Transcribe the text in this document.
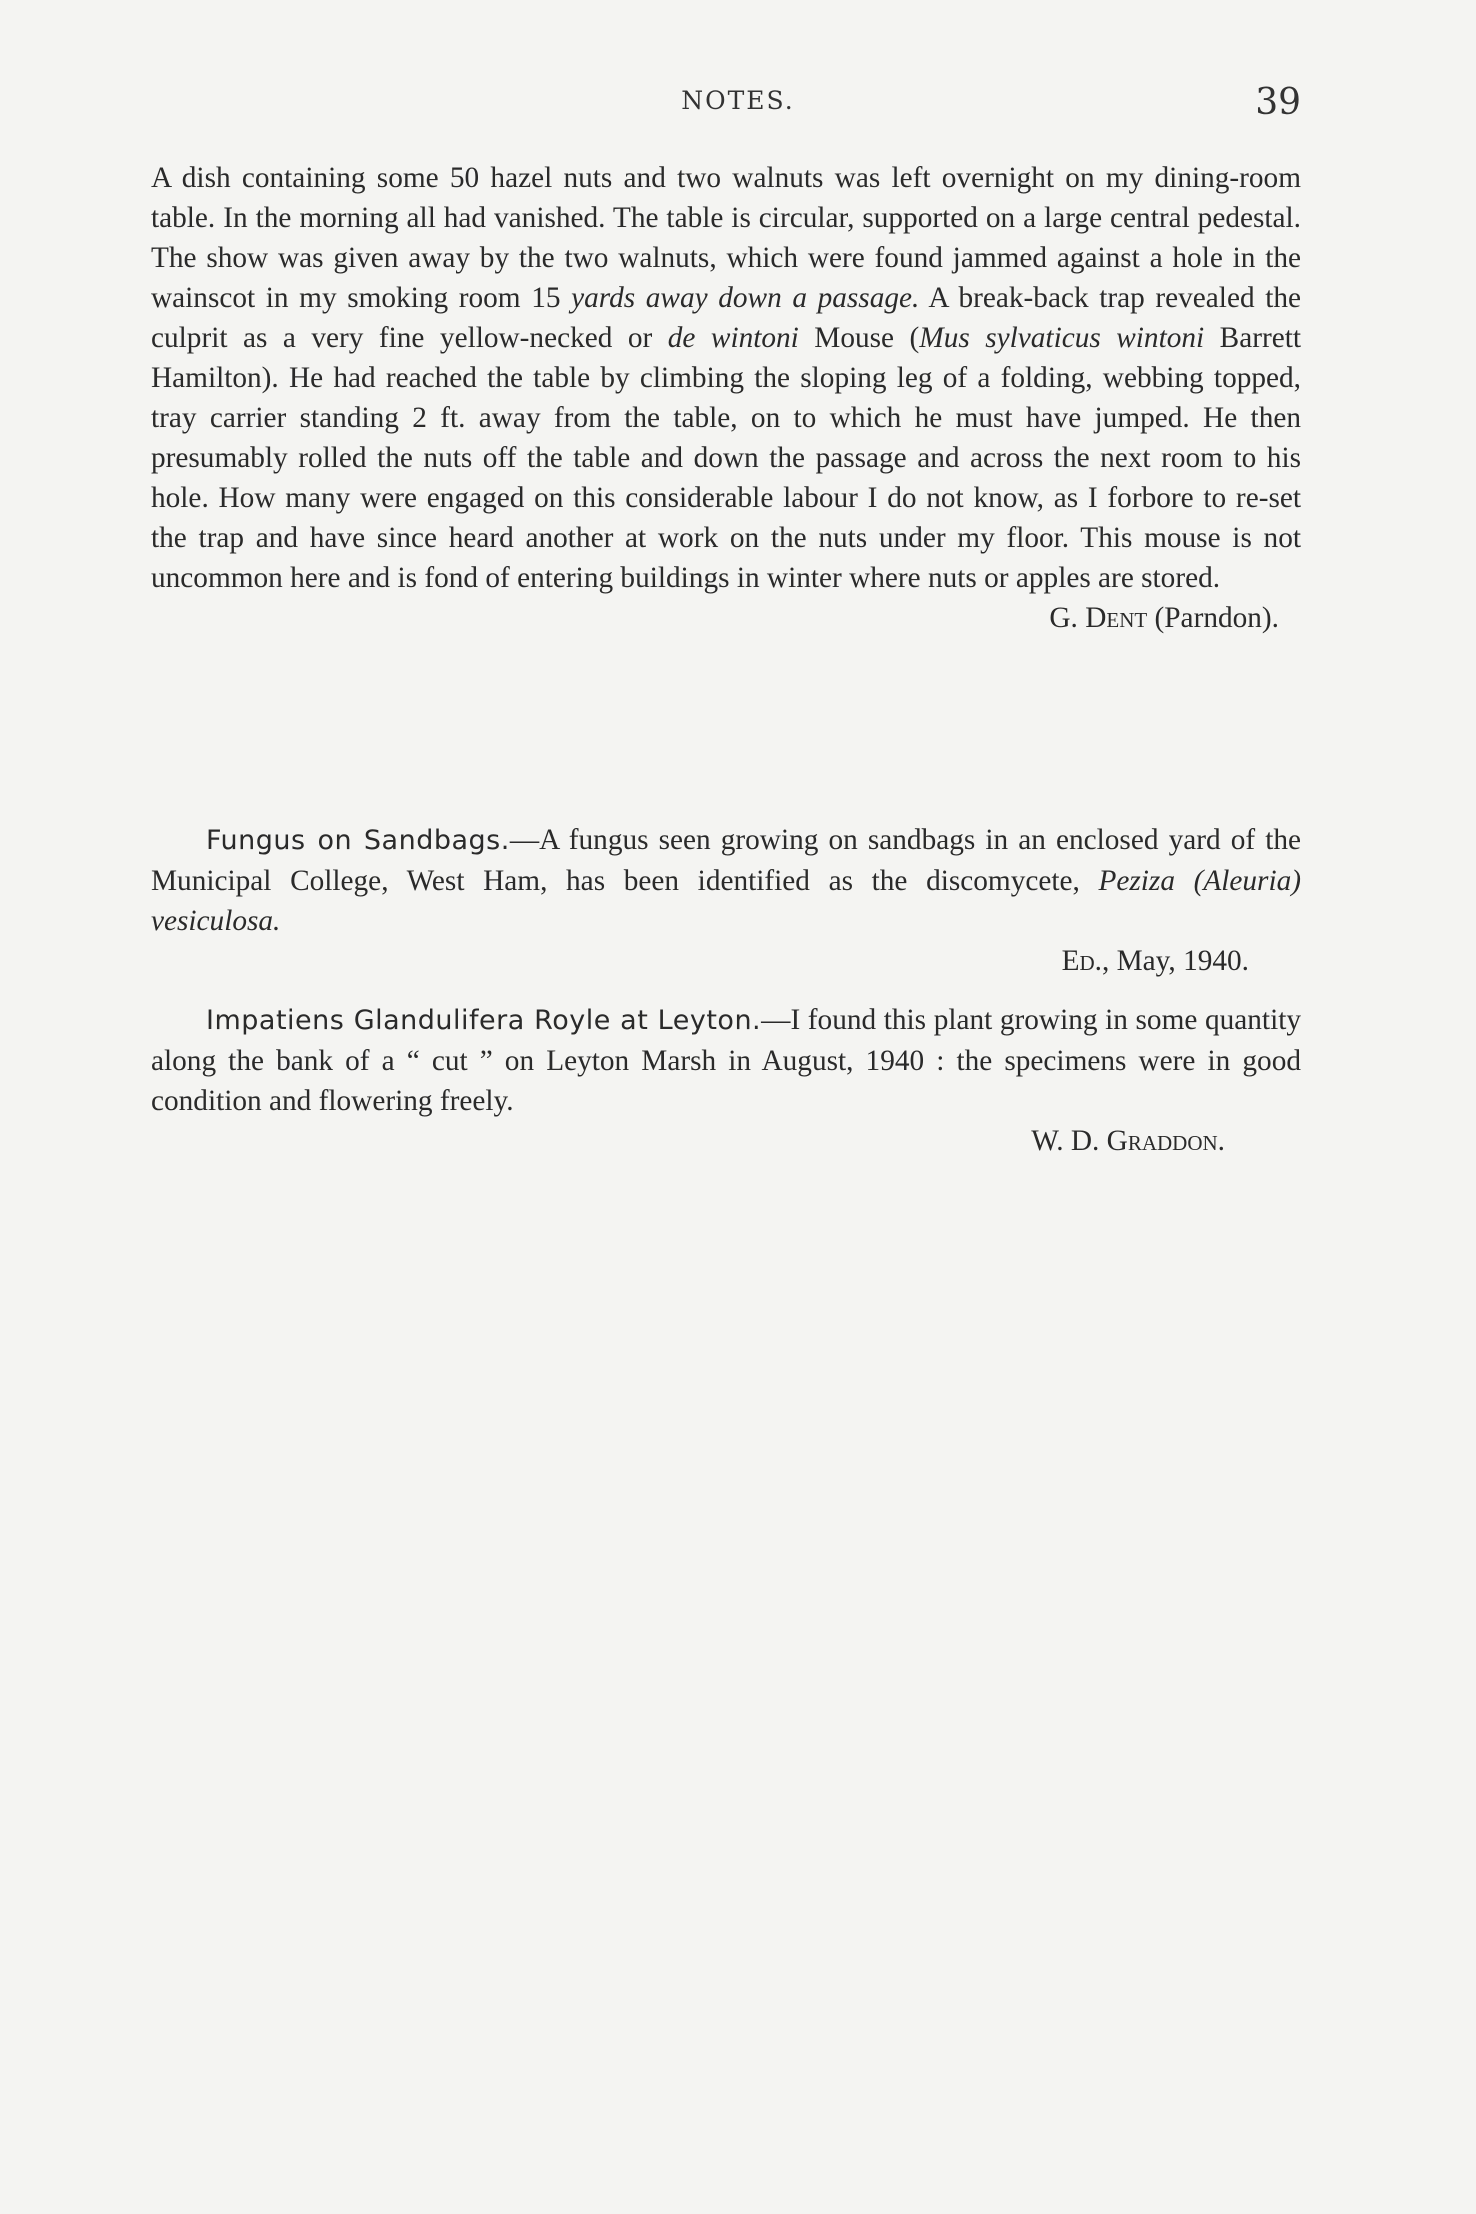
NOTES.	39

A dish containing some 50 hazel nuts and two walnuts was left overnight on my dining-room table. In the morning all had vanished. The table is circular, supported on a large central pedestal. The show was given away by the two walnuts, which were found jammed against a hole in the wainscot in my smoking room 15 yards away down a passage. A break-back trap revealed the culprit as a very fine yellow-necked or de wintoni Mouse (Mus sylvaticus wintoni Barrett Hamilton). He had reached the table by climbing the sloping leg of a folding, webbing topped, tray carrier standing 2 ft. away from the table, on to which he must have jumped. He then presumably rolled the nuts off the table and down the passage and across the next room to his hole. How many were engaged on this considerable labour I do not know, as I forbore to re-set the trap and have since heard another at work on the nuts under my floor. This mouse is not uncommon here and is fond of entering buildings in winter where nuts or apples are stored.

G. Dent (Parndon).

Fungus on Sandbags.—A fungus seen growing on sandbags in an enclosed yard of the Municipal College, West Ham, has been identified as the discomycete, Peziza (Aleuria) vesiculosa.

Ed., May, 1940.

Impatiens Glandulifera Royle at Leyton.—I found this plant growing in some quantity along the bank of a “ cut ” on Leyton Marsh in August, 1940 : the specimens were in good condition and flowering freely.

W. D. Graddon.
